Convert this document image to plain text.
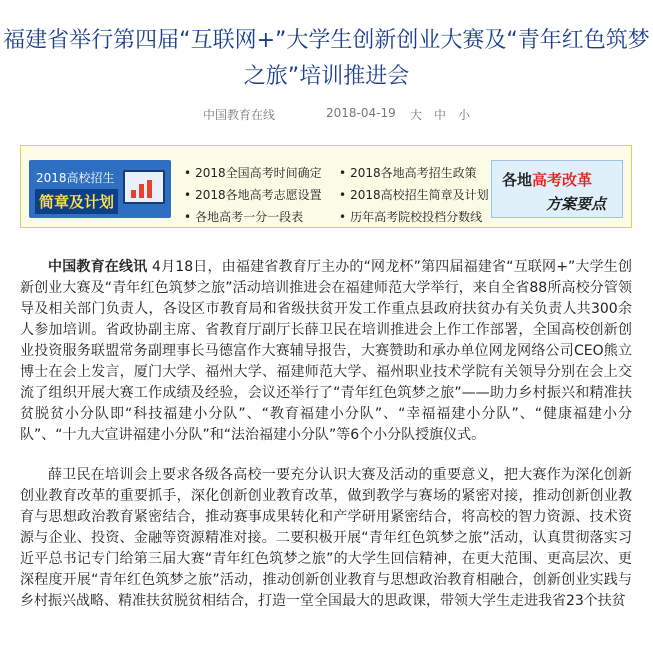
福建省举行第四届“互联网+”大学生创新创业大赛及“青年红色筑梦之旅”培训推进会
中国教育在线	2018-04-19 大 中 小
2018高校招生
简章及计划
• 2018全国高考时间确定	• 2018各地高考招生政策
• 2018各地高考志愿设置	• 2018高校招生简章及计划
• 各地高考一分一段表	• 历年高考院校投档分数线
各地高考改革
方案要点

中国教育在线讯 4月18日，由福建省教育厅主办的“网龙杯”第四届福建省“互联网+”大学生创新创业大赛及“青年红色筑梦之旅”活动培训推进会在福建师范大学举行，来自全省88所高校分管领导及相关部门负责人，各设区市教育局和省级扶贫开发工作重点县政府扶贫办有关负责人共300余人参加培训。省政协副主席、省教育厅副厅长薛卫民在培训推进会上作工作部署，全国高校创新创业投资服务联盟常务副理事长马德富作大赛辅导报告，大赛赞助和承办单位网龙网络公司CEO熊立博士在会上发言，厦门大学、福州大学、福建师范大学、福州职业技术学院有关领导分别在会上交流了组织开展大赛工作成绩及经验，会议还举行了“青年红色筑梦之旅”——助力乡村振兴和精准扶贫脱贫小分队即“科技福建小分队”、“教育福建小分队”、“幸福福建小分队”、“健康福建小分队”、“十九大宣讲福建小分队”和“法治福建小分队”等6个小分队授旗仪式。

薛卫民在培训会上要求各级各高校一要充分认识大赛及活动的重要意义，把大赛作为深化创新创业教育改革的重要抓手，深化创新创业教育改革，做到教学与赛场的紧密对接，推动创新创业教育与思想政治教育紧密结合，推动赛事成果转化和产学研用紧密结合，将高校的智力资源、技术资源与企业、投资、金融等资源精准对接。二要积极开展“青年红色筑梦之旅”活动，认真贯彻落实习近平总书记专门给第三届大赛“青年红色筑梦之旅”的大学生回信精神，在更大范围、更高层次、更深程度开展“青年红色筑梦之旅”活动，推动创新创业教育与思想政治教育相融合，创新创业实践与乡村振兴战略、精准扶贫脱贫相结合，打造一堂全国最大的思政课，带领大学生走进我省23个扶贫
